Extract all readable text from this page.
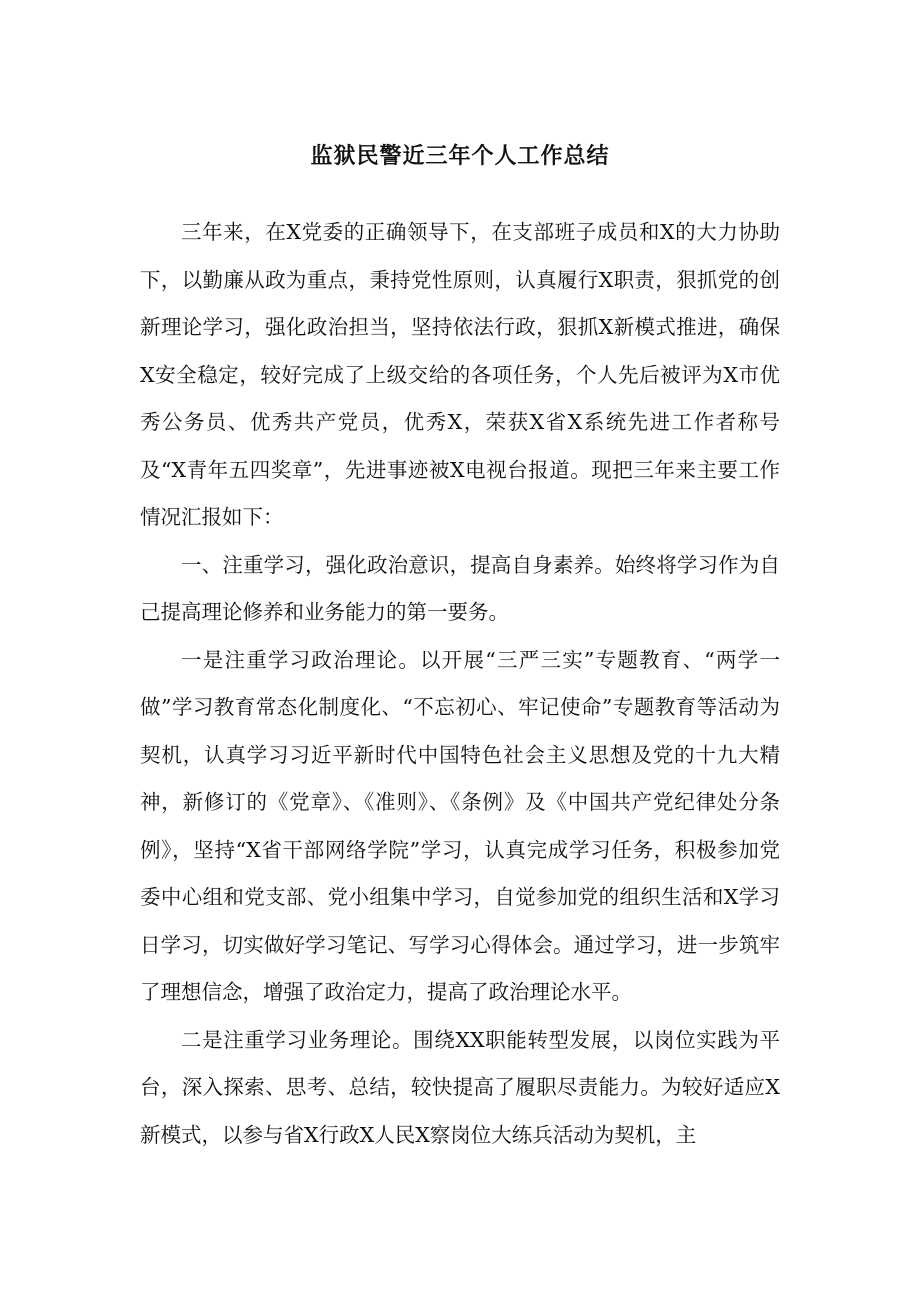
监狱民警近三年个人工作总结

三年来，在X党委的正确领导下，在支部班子成员和X的大力协助下，以勤廉从政为重点，秉持党性原则，认真履行X职责，狠抓党的创新理论学习，强化政治担当，坚持依法行政，狠抓X新模式推进，确保X安全稳定，较好完成了上级交给的各项任务，个人先后被评为X市优秀公务员、优秀共产党员，优秀X，荣获X省X系统先进工作者称号及“X青年五四奖章”，先进事迹被X电视台报道。现把三年来主要工作情况汇报如下：

一、注重学习，强化政治意识，提高自身素养。始终将学习作为自己提高理论修养和业务能力的第一要务。

一是注重学习政治理论。以开展“三严三实”专题教育、“两学一做”学习教育常态化制度化、“不忘初心、牢记使命”专题教育等活动为契机，认真学习习近平新时代中国特色社会主义思想及党的十九大精神，新修订的《党章》、《准则》、《条例》及《中国共产党纪律处分条例》，坚持“X省干部网络学院”学习，认真完成学习任务，积极参加党委中心组和党支部、党小组集中学习，自觉参加党的组织生活和X学习日学习，切实做好学习笔记、写学习心得体会。通过学习，进一步筑牢了理想信念，增强了政治定力，提高了政治理论水平。

二是注重学习业务理论。围绕XX职能转型发展，以岗位实践为平台，深入探索、思考、总结，较快提高了履职尽责能力。为较好适应X新模式，以参与省X行政X人民X察岗位大练兵活动为契机，主
